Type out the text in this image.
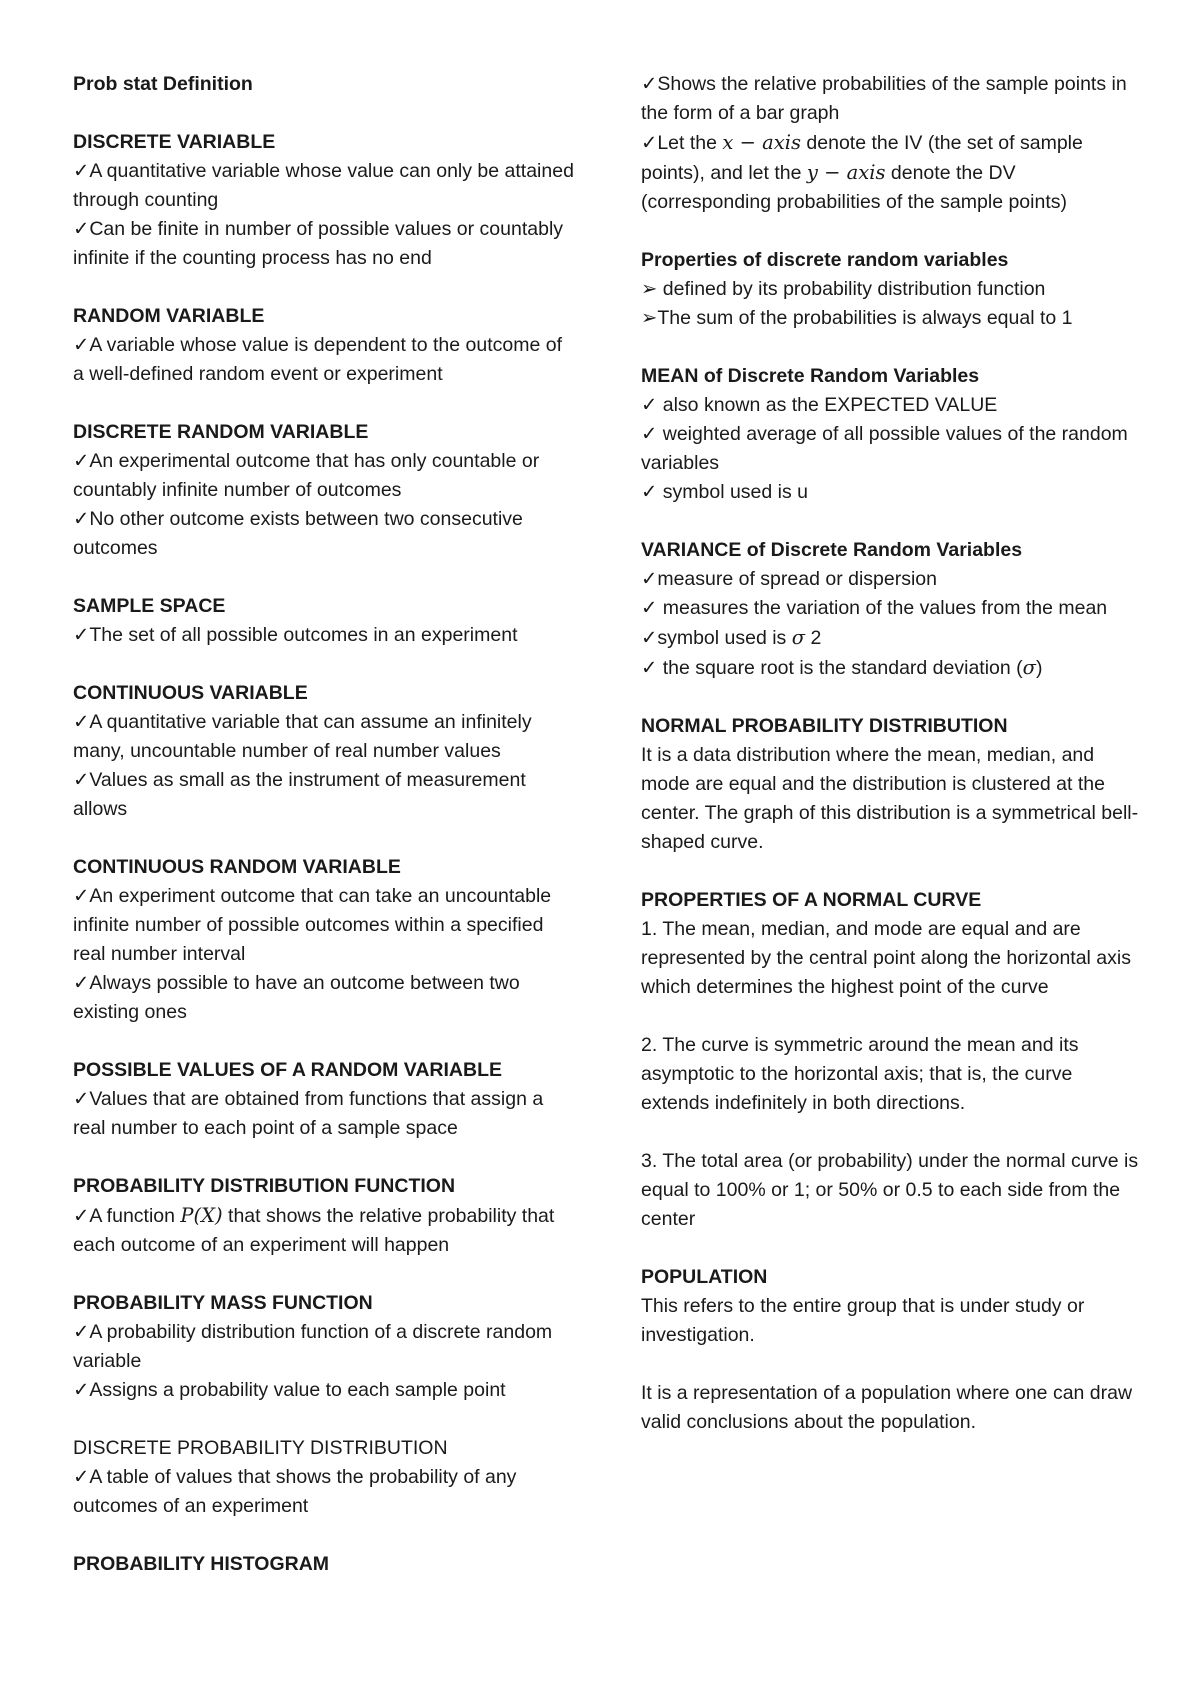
Prob stat Definition
DISCRETE VARIABLE
✓A quantitative variable whose value can only be attained through counting
✓Can be finite in number of possible values or countably infinite if the counting process has no end
RANDOM VARIABLE
✓A variable whose value is dependent to the outcome of a well-defined random event or experiment
DISCRETE RANDOM VARIABLE
✓An experimental outcome that has only countable or countably infinite number of outcomes
✓No other outcome exists between two consecutive outcomes
SAMPLE SPACE
✓The set of all possible outcomes in an experiment
CONTINUOUS VARIABLE
✓A quantitative variable that can assume an infinitely many, uncountable number of real number values
✓Values as small as the instrument of measurement allows
CONTINUOUS RANDOM VARIABLE
✓An experiment outcome that can take an uncountable infinite number of possible outcomes within a specified real number interval
✓Always possible to have an outcome between two existing ones
POSSIBLE VALUES OF A RANDOM VARIABLE
✓Values that are obtained from functions that assign a real number to each point of a sample space
PROBABILITY DISTRIBUTION FUNCTION
✓A function P(X) that shows the relative probability that each outcome of an experiment will happen
PROBABILITY MASS FUNCTION
✓A probability distribution function of a discrete random variable
✓Assigns a probability value to each sample point
DISCRETE PROBABILITY DISTRIBUTION
✓A table of values that shows the probability of any outcomes of an experiment
PROBABILITY HISTOGRAM
✓Shows the relative probabilities of the sample points in the form of a bar graph
✓Let the x − axis denote the IV (the set of sample points), and let the y − axis denote the DV (corresponding probabilities of the sample points)
Properties of discrete random variables
➢ defined by its probability distribution function
➢The sum of the probabilities is always equal to 1
MEAN of Discrete Random Variables
✓ also known as the EXPECTED VALUE
✓ weighted average of all possible values of the random variables
✓ symbol used is u
VARIANCE of Discrete Random Variables
✓measure of spread or dispersion
✓ measures the variation of the values from the mean ✓symbol used is σ 2
✓ the square root is the standard deviation (σ)
NORMAL PROBABILITY DISTRIBUTION
It is a data distribution where the mean, median, and mode are equal and the distribution is clustered at the center. The graph of this distribution is a symmetrical bell-shaped curve.
PROPERTIES OF A NORMAL CURVE
1. The mean, median, and mode are equal and are represented by the central point along the horizontal axis which determines the highest point of the curve
2. The curve is symmetric around the mean and its asymptotic to the horizontal axis; that is, the curve extends indefinitely in both directions.
3. The total area (or probability) under the normal curve is equal to 100% or 1; or 50% or 0.5 to each side from the center
POPULATION
This refers to the entire group that is under study or investigation.
It is a representation of a population where one can draw valid conclusions about the population.
